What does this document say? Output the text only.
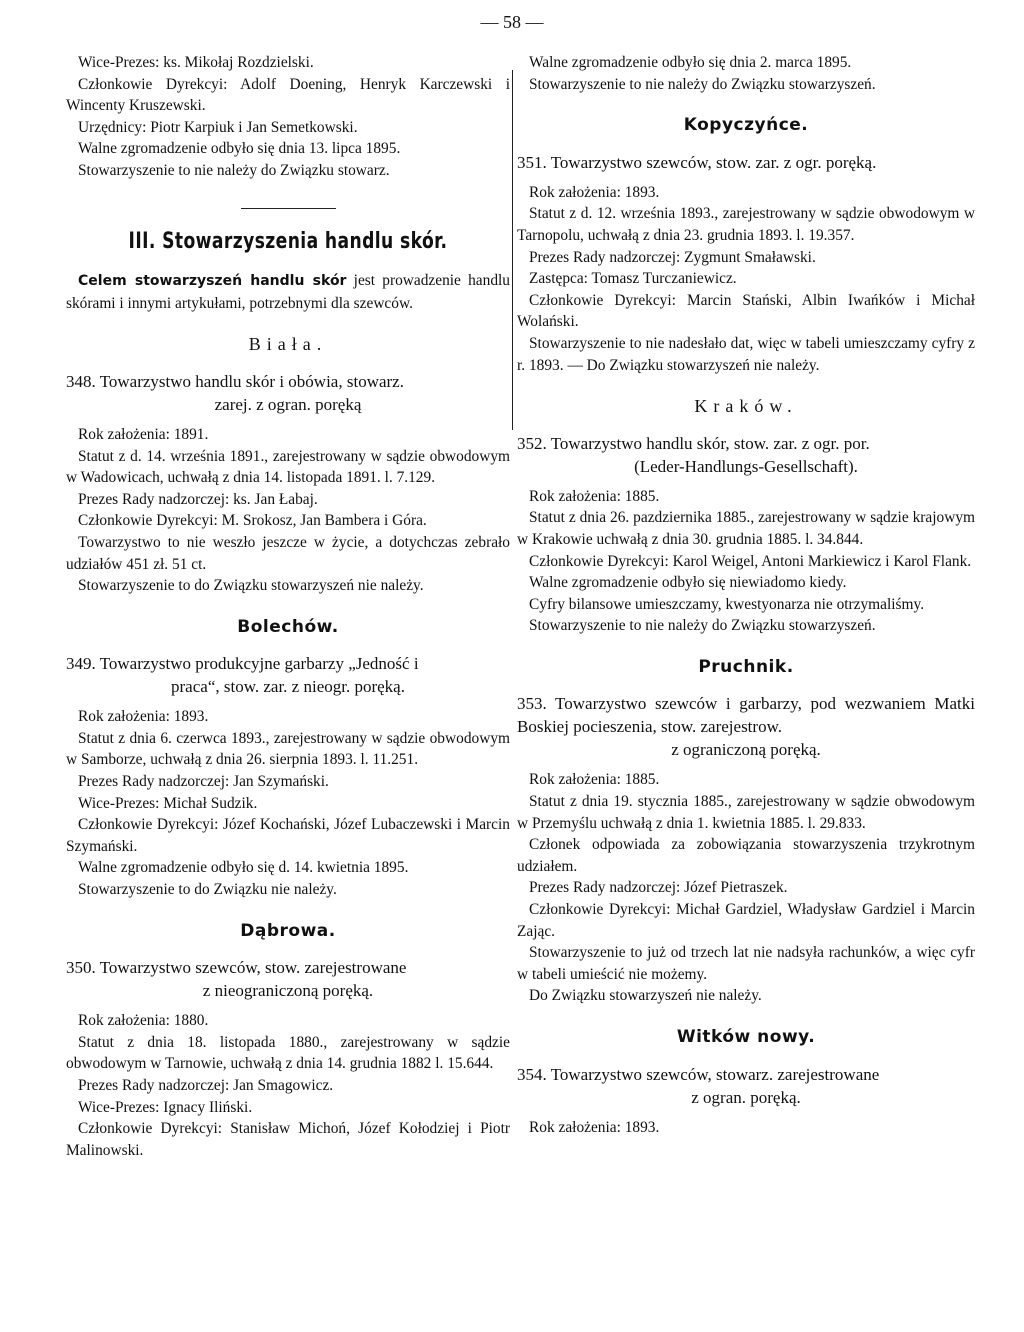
— 58 —

Wice-Prezes: ks. Mikołaj Rozdzielski.

Członkowie Dyrekcyi: Adolf Doening, Henryk Karczewski i Wincenty Kruszewski.

Urzędnicy: Piotr Karpiuk i Jan Semetkowski.

Walne zgromadzenie odbyło się dnia 13. lipca 1895.

Stowarzyszenie to nie należy do Związku stowarz.

III. Stowarzyszenia handlu skór.

Celem stowarzyszeń handlu skór jest prowadzenie handlu skórami i innymi artykułami, potrzebnymi dla szewców.

Biała.
348. Towarzystwo handlu skór i obówia, stowarz.
zarej. z ogran. poręką

Rok założenia: 1891.

Statut z d. 14. września 1891., zarejestrowany w sądzie obwodowym w Wadowicach, uchwałą z dnia 14. listopada 1891. l. 7.129.

Prezes Rady nadzorczej: ks. Jan Łabaj.

Członkowie Dyrekcyi: M. Srokosz, Jan Bambera i Góra.

Towarzystwo to nie weszło jeszcze w życie, a dotychczas zebrało udziałów 451 zł. 51 ct.

Stowarzyszenie to do Związku stowarzyszeń nie należy.

Bolechów.
349. Towarzystwo produkcyjne garbarzy „Jedność i
praca“, stow. zar. z nieogr. poręką.

Rok założenia: 1893.

Statut z dnia 6. czerwca 1893., zarejestrowany w sądzie obwodowym w Samborze, uchwałą z dnia 26. sierpnia 1893. l. 11.251.

Prezes Rady nadzorczej: Jan Szymański.

Wice-Prezes: Michał Sudzik.

Członkowie Dyrekcyi: Józef Kochański, Józef Lubaczewski i Marcin Szymański.

Walne zgromadzenie odbyło się d. 14. kwietnia 1895.

Stowarzyszenie to do Związku nie należy.

Dąbrowa.
350. Towarzystwo szewców, stow. zarejestrowane
z nieograniczoną poręką.

Rok założenia: 1880.

Statut z dnia 18. listopada 1880., zarejestrowany w sądzie obwodowym w Tarnowie, uchwałą z dnia 14. grudnia 1882 l. 15.644.

Prezes Rady nadzorczej: Jan Smagowicz.

Wice-Prezes: Ignacy Iliński.

Członkowie Dyrekcyi: Stanisław Michoń, Józef Kołodziej i Piotr Malinowski.

Walne zgromadzenie odbyło się dnia 2. marca 1895.

Stowarzyszenie to nie należy do Związku stowarzyszeń.

Kopyczyńce.
351. Towarzystwo szewców, stow. zar. z ogr. poręką.

Rok założenia: 1893.

Statut z d. 12. września 1893., zarejestrowany w sądzie obwodowym w Tarnopolu, uchwałą z dnia 23. grudnia 1893. l. 19.357.

Prezes Rady nadzorczej: Zygmunt Smaławski.

Zastępca: Tomasz Turczaniewicz.

Członkowie Dyrekcyi: Marcin Stański, Albin Iwańków i Michał Wolański.

Stowarzyszenie to nie nadesłało dat, więc w tabeli umieszczamy cyfry z r. 1893. — Do Związku stowarzyszeń nie należy.

Kraków.
352. Towarzystwo handlu skór, stow. zar. z ogr. por.
(Leder-Handlungs-Gesellschaft).

Rok założenia: 1885.

Statut z dnia 26. pazdziernika 1885., zarejestrowany w sądzie krajowym w Krakowie uchwałą z dnia 30. grudnia 1885. l. 34.844.

Członkowie Dyrekcyi: Karol Weigel, Antoni Markiewicz i Karol Flank.

Walne zgromadzenie odbyło się niewiadomo kiedy.

Cyfry bilansowe umieszczamy, kwestyonarza nie otrzymaliśmy.

Stowarzyszenie to nie należy do Związku stowarzyszeń.

Pruchnik.
353. Towarzystwo szewców i garbarzy, pod wezwaniem Matki Boskiej pocieszenia, stow. zarejestrow.
z ograniczoną poręką.

Rok założenia: 1885.

Statut z dnia 19. stycznia 1885., zarejestrowany w sądzie obwodowym w Przemyślu uchwałą z dnia 1. kwietnia 1885. l. 29.833.

Członek odpowiada za zobowiązania stowarzyszenia trzykrotnym udziałem.

Prezes Rady nadzorczej: Józef Pietraszek.

Członkowie Dyrekcyi: Michał Gardziel, Władysław Gardziel i Marcin Zając.

Stowarzyszenie to już od trzech lat nie nadsyła rachunków, a więc cyfr w tabeli umieścić nie możemy.

Do Związku stowarzyszeń nie należy.

Witków nowy.
354. Towarzystwo szewców, stowarz. zarejestrowane
z ogran. poręką.

Rok założenia: 1893.
